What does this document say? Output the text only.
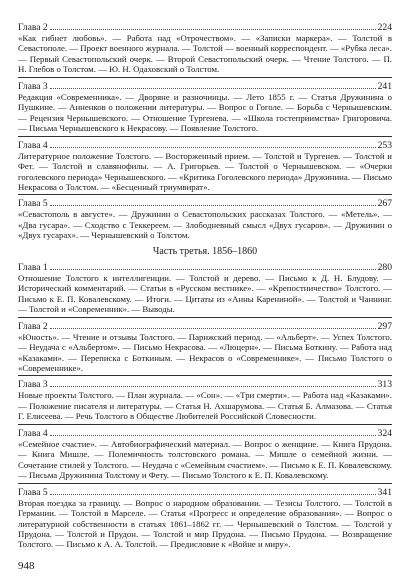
Глава 2	224

«Как гибнет любовь». — Работа над «Отрочеством». — «Записки маркера». — Толстой в Севастополе. — Проект военного журнала. — Толстой — военный корреспондент. — «Рубка леса». — Первый Севастопольский очерк. — Второй Севастопольский очерк. — Чтение Толстого. — П. Н. Глебов о Толстом. — Ю. Н. Одаховский о Толстом.

Глава 3	241

Редакция «Современника». — Дворяне и разночинцы. — Лето 1855 г. — Статья Дружинина о Пушкине. — Анненков о положении литературы. — Вопрос о Гоголе. — Борьба с Чернышевским. — Рецензия Чернышевского. — Отношение Тургенева. — «Школа гостеприимства» Григоровича. — Письма Чернышевского к Некрасову. — Появление Толстого.

Глава 4	253

Литературное положение Толстого. — Восторженный прием. — Толстой и Тургенев. — Толстой и Фет. — Толстой и славянофилы. — А. Григорьев. — Толстой о Чернышевском. — «Очерки гоголевского периода» Чернышевского. — «Критика Гоголевского периода» Дружинина. — Письмо Некрасова о Толстом. — «Бесценный триумвират».

Глава 5	267

«Севастополь в августе». — Дружинин о Севастопольских рассказах Толстого. — «Метель». — «Два гусара». — Сходство с Теккереем. — Злободневный смысл «Двух гусаров». — Дружинин о «Двух гусарах». — Чернышевский о Толстом.

Часть третья. 1856–1860
Глава 1	280

Отношение Толстого к интеллигенции. — Толстой и дерево. — Письмо к Д. Н. Блудову. — Исторический комментарий. — Статьи в «Русском вестнике». — «Крепостничество» Толстого. — Письмо к Е. П. Ковалевскому. — Итоги. — Цитаты из «Анны Карениной». — Толстой и Чаннинг. — Толстой и «Современник». — Выводы.

Глава 2	297

«Юность». — Чтение и отзывы Толстого. — Парижский период. — «Альберт». — Успех Толстого. — Неудача с «Альбертом». — Письмо Некрасова. — «Люцерн». — Письма Боткину. — Работа над «Казаками». — Переписка с Боткиным. — Некрасов о «Современнике». — Письмо Толстого о «Современнике».

Глава 3	313

Новые проекты Толстого. — План журнала. — «Сон». — «Три смерти». — Работа над «Казаками». — Положение писателя и литературы. — Статья Н. Ахшарумова. — Статья Б. Алмазова. — Статья Г. Елисеева. — Речь Толстого в Обществе Любителей Российской Словесности.

Глава 4	324

«Семейное счастие». — Автобиографический материал. — Вопрос о женщине. — Книга Прудона. — Книга Мишле. — Полемичность толстовского романа. — Мишле о семейной жизни. — Сочетание стилей у Толстого. — Неудача с «Семейным счастием». — Письмо к Е. П. Ковалевскому. — Письма Дружинина Толстому и Фету. — Письмо Толстого к Е. П. Ковалевскому.

Глава 5	341

Вторая поездка за границу. — Вопрос о народном образовании. — Тезисы Толстого. — Толстой в Германии. — Толстой в Марселе. — Статья «Прогресс и определение образования». — Вопрос о литературной собственности в статьях 1861–1862 гг. — Чернышевский о Толстом. — Толстой у Прудона. — Толстой и Прудон. — Толстой и мир Прудона. — Письмо Прудона. — Возвращение Толстого. — Письмо к А. А. Толстой. — Предисловие к «Войне и миру».

948
